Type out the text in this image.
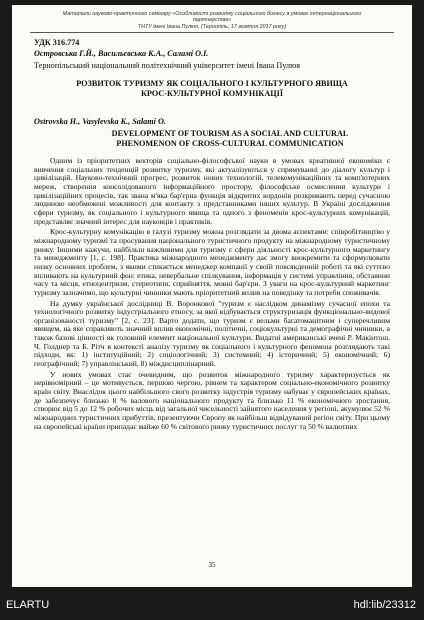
Матеріали науково-практичного семінару «Особливості розвитку соціального бізнесу в умовах інтернаціонального
партнерства»
ТНТУ імені Івана Пулюя, (Тернопіль, 17 жовтня 2017 року)
УДК 316.774
Островська Г.Й., Васильєвська К.А., Саламі О.І.
Тернопільський національний політехнічний університет імені Івана Пулюя
РОЗВИТОК ТУРИЗМУ ЯК СОЦІАЛЬНОГО І КУЛЬТУРНОГО ЯВИЩА
КРОС-КУЛЬТУРНОЇ КОМУНІКАЦІЇ
Ostrovska H., Vasylevska K., Salami O.
DEVELOPMENT OF TOURISM AS A SOCIAL AND CULTURAL
PHENOMENON OF CROSS-CULTURAL COMMUNICATION

Одним із пріоритетних векторів соціально-філософської науки в умовах креативної економіки є вивчення соціальних тенденцій розвитку туризму, які актуалізуються у спрямуванні до діалогу культур і цивілізацій. Науково-технічний прогрес, розвиток нових технологій, телекомунікаційних та комп'ютерних мереж, створення консолідованого інформаційного простору, філософське осмислення культури і цивілізаційних процесів, так звана м'яка бар'єрна функція відкритих кордонів розкривають перед сучасною людиною необмежені можливості для контакту з представниками інших культур. В Україні дослідження сфери туризму, як соціального і культурного явища та одного з феноменів крос-культурних комунікацій, представляє значний інтерес для науковців і практиків.

Крос-культурну комунікацію в галузі туризму можна розглядати за двома аспектами: співробітництво у міжнародному туризмі та просування національного туристичного продукту на міжнародному туристичному ринку. Іншими кажучи, найбільш важливими для туризму є сфери діяльності крос-культурного маркетингу та менеджменту [1, с. 198]. Практика міжнародного менеджменту дає змогу виокремити та сформулювати низку основних проблем, з якими стикається менеджер компанії у своїй повсякденній роботі та які суттєво впливають на культурний фон: етика, невербальне спілкування, інформація у системі управління, обставини часу та місця, етноцентризм, стереотипи, сприйняття, мовні бар'єри. З уваги на крос-культурний маркетинг туризму зазначимо, що культурні чинники мають пріоритетний вплив на поведінку та потреби споживачів.

На думку української дослідниці В. Воронкової "туризм є наслідком динамізму сучасної епохи та технологічного розвитку індустріального етносу, за якої відбувається структуризація функціонально-видової організованості туризму" [2, с. 23]. Варто додати, що туризм є вельми багатоманітним і суперечливим явищем, на яке справляють значний вплив економічні, політичні, соціокультурні та демографічні чинники, а також базові цінності як головний елемент національної культури. Видатні американські вчені Р. Макінтош, Ч. Голднер та Б. Рітч в контексті аналізу туризму як соціального і культурного феномена розглядають такі підходи, як: 1) інституційний; 2) соціологічний; 3) системний; 4) історичний; 5) економічний; 6) географічний; 7) управлінський, 8) міждисциплінарний.

У нових умовах стає очевидним, що розвиток міжнародного туризму характеризується як нерівномірний – це мотивується, першою чергою, рівнем та характером соціально-економічного розвитку країн світу. Внаслідок цього найбільшого свого розвитку індустрія туризму набуває у європейських країнах, де забезпечує близько 8 % валового національного продукту та близько 11 % економічного зростання, створює від 5 до 12 % робочих місць від загальної чисельності зайнятого населення у регіоні, акумулює 52 % міжнародних туристичних прибуттів, презентуючи Європу як найбільш відвідуваний регіон світу. При цьому на європейські країни припадає майже 60 % світового ринку туристичних послуг та 50 % валютних

35
ELARTU	hdl:lib/23312
